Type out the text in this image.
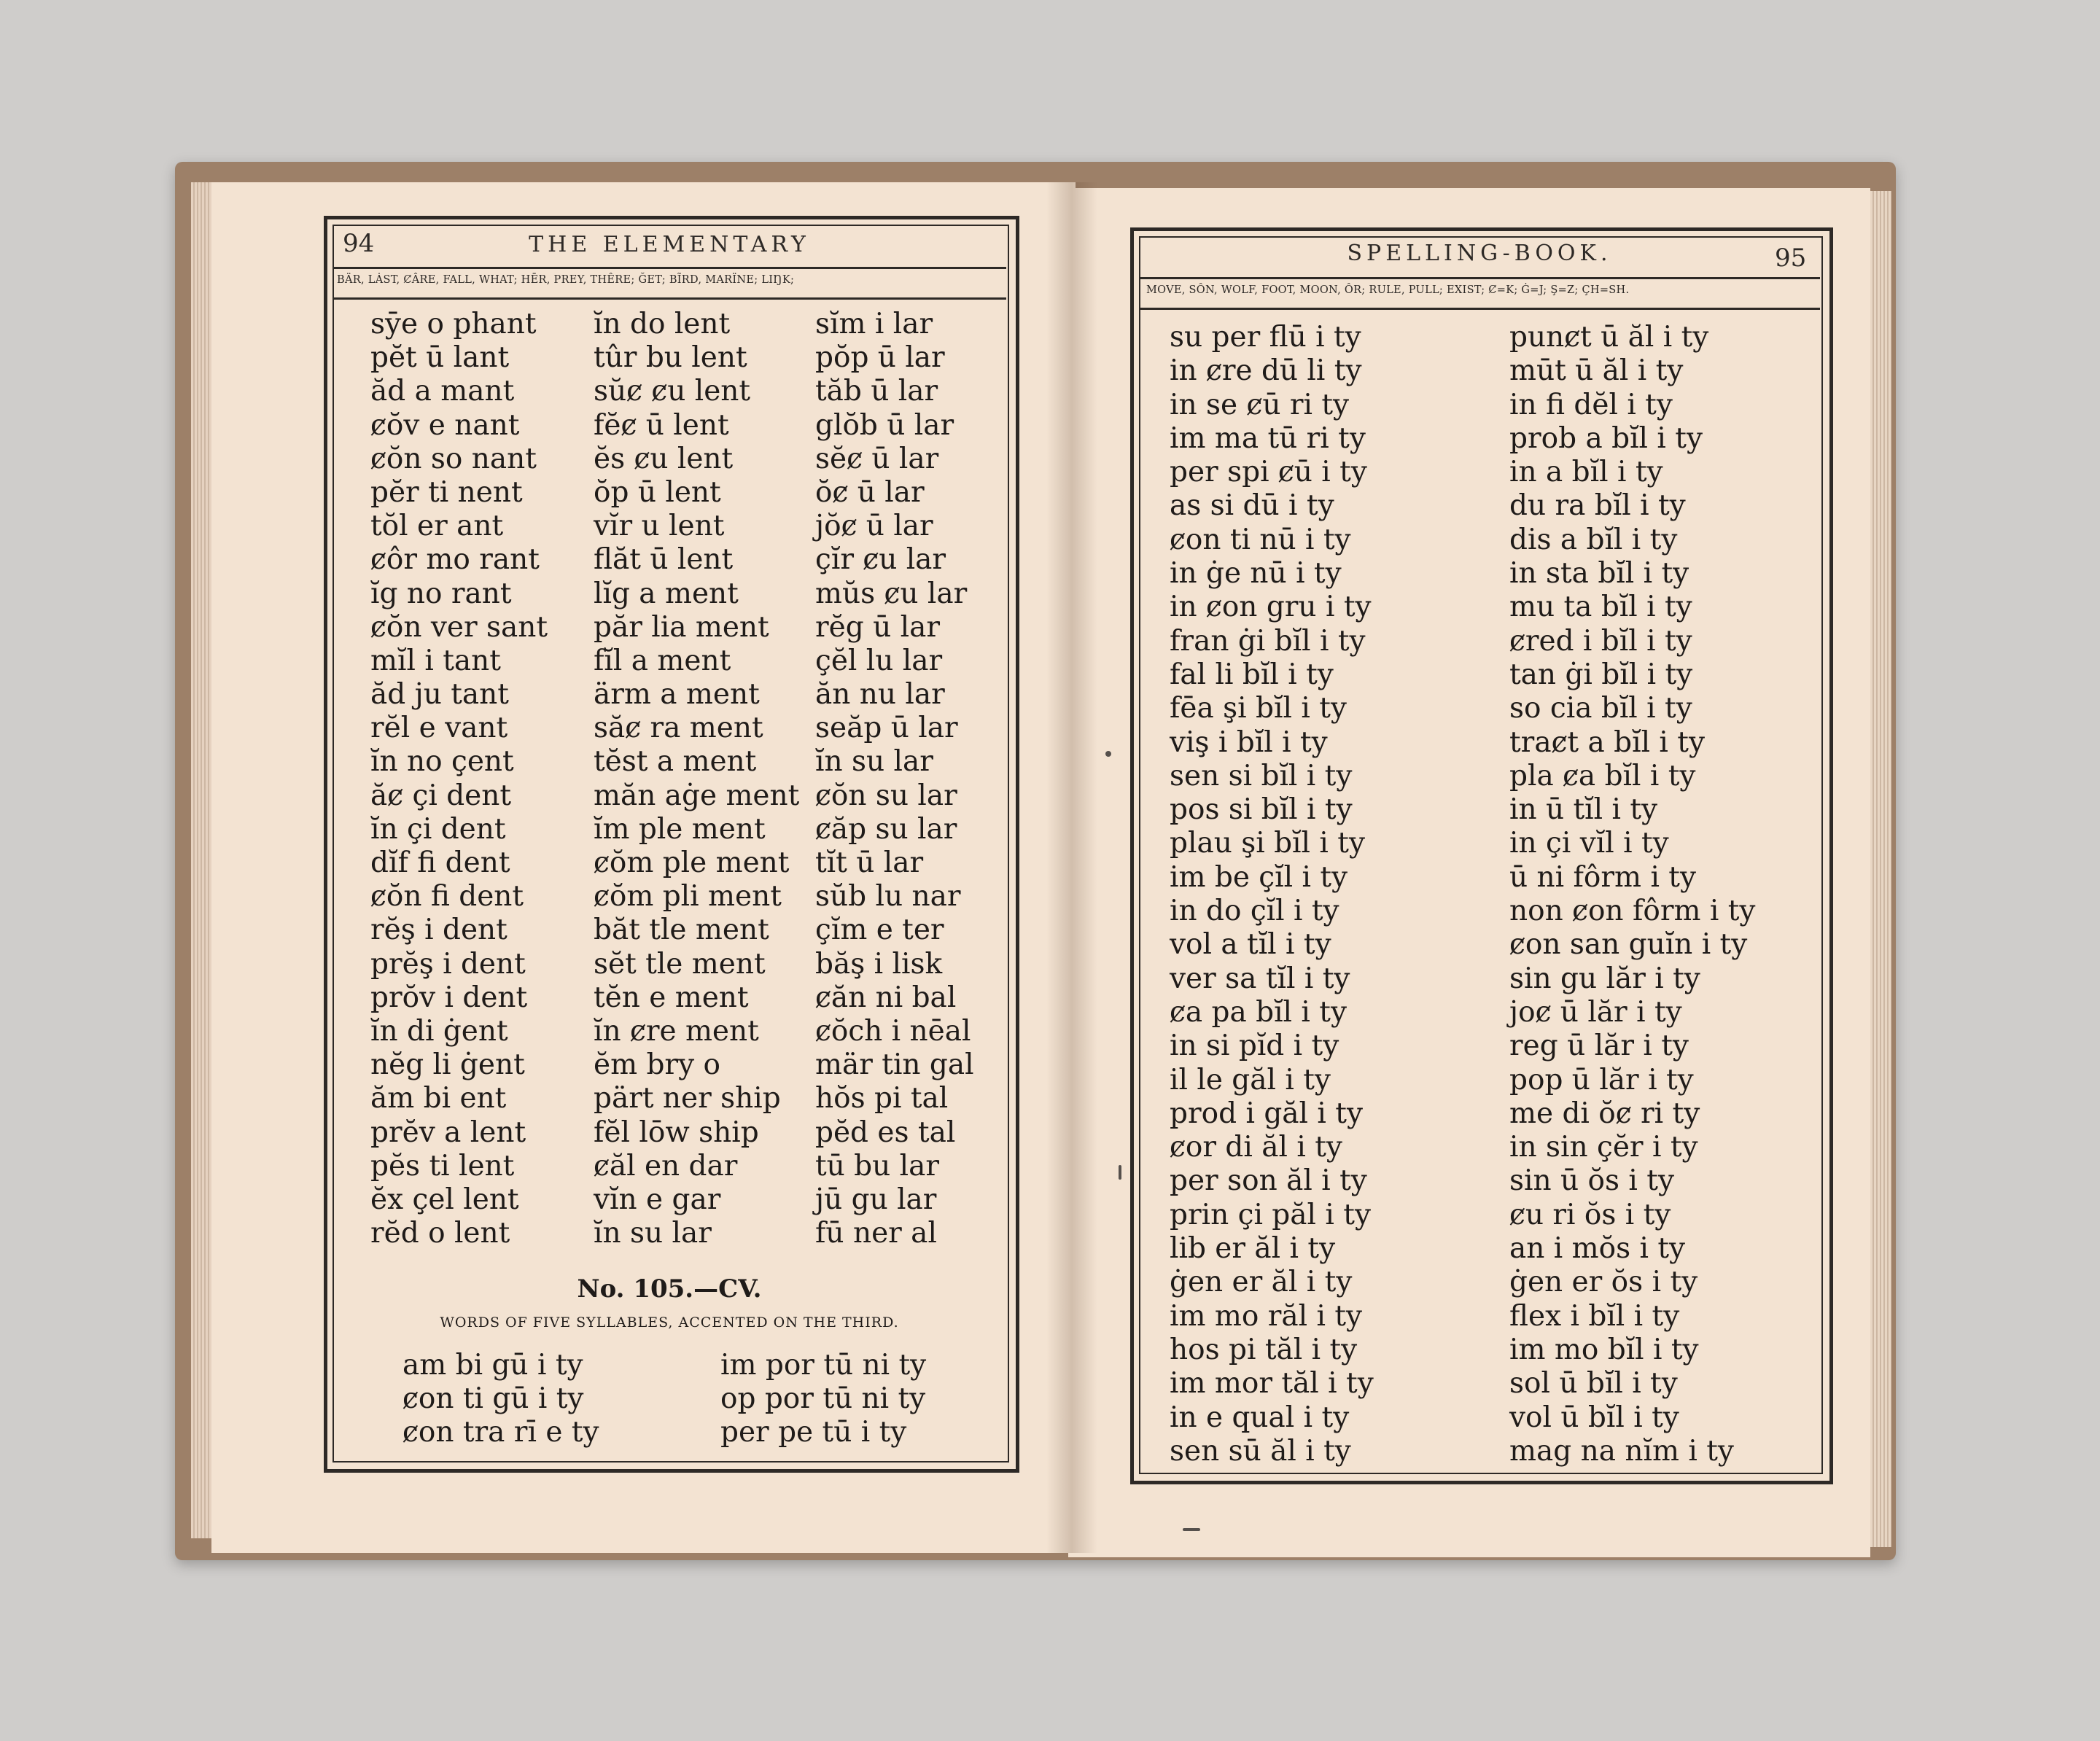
94	THE ELEMENTARY
BÄR, LȦST, ȻÂRE, FALL, WHAT; HĒR, PREY, THÊRE; ĞET; BĨRD, MARÏNE; LIŊK;
sȳe o phant
pĕt ū lant
ăd a mant
ȼŏv e nant
ȼŏn so nant
pĕr ti nent
tŏl er ant
ȼôr mo rant
ĭg no rant
ȼŏn ver sant
mĭl i tant
ăd ju tant
rĕl e vant
ĭn no çent
ăȼ çi dent
ĭn çi dent
dĭf fi dent
ȼŏn fi dent
rĕş i dent
prĕş i dent
prŏv i dent
ĭn di ġent
nĕg li ġent
ăm bi ent
prĕv a lent
pĕs ti lent
ĕx çel lent
rĕd o lent
ĭn do lent
tûr bu lent
sŭȼ ȼu lent
fĕȼ ū lent
ĕs ȼu lent
ŏp ū lent
vĭr u lent
flăt ū lent
lĭg a ment
păr lia ment
fĭl a ment
ärm a ment
săȼ ra ment
tĕst a ment
măn aġe ment
ĭm ple ment
ȼŏm ple ment
ȼŏm pli ment
băt tle ment
sĕt tle ment
tĕn e ment
ĭn ȼre ment
ĕm bry o
pärt ner ship
fĕl lōw ship
ȼăl en dar
vĭn e gar
ĭn su lar
sĭm i lar
pŏp ū lar
tăb ū lar
glŏb ū lar
sĕȼ ū lar
ŏȼ ū lar
jŏȼ ū lar
çĭr ȼu lar
mŭs ȼu lar
rĕg ū lar
çĕl lu lar
ăn nu lar
seăp ū lar
ĭn su lar
ȼŏn su lar
ȼăp su lar
tĭt ū lar
sŭb lu nar
çĭm e ter
băş i lisk
ȼăn ni bal
ȼŏch i nēal
mär tin gal
hŏs pi tal
pĕd es tal
tū bu lar
jū gu lar
fū ner al
No. 105.—CV.
WORDS OF FIVE SYLLABLES, ACCENTED ON THE THIRD.
am bi gū i ty
ȼon ti gū i ty
ȼon tra rī e ty
im por tū ni ty
op por tū ni ty
per pe tū i ty
SPELLING-BOOK.	95
MOVE, SÔN, WOLF, FOOT, MOON, ÔR; RULE, PULL; EXIST; Ȼ=K; Ġ=J; Ş=Z; ÇH=SH.
su per flū i ty
in ȼre dū li ty
in se ȼū ri ty
im ma tū ri ty
per spi ȼū i ty
as si dū i ty
ȼon ti nū i ty
in ġe nū i ty
in ȼon gru i ty
fran ġi bĭl i ty
fal li bĭl i ty
fēa şi bĭl i ty
viş i bĭl i ty
sen si bĭl i ty
pos si bĭl i ty
plau şi bĭl i ty
im be çĭl i ty
in do çĭl i ty
vol a tĭl i ty
ver sa tĭl i ty
ȼa pa bĭl i ty
in si pĭd i ty
il le găl i ty
prod i găl i ty
ȼor di ăl i ty
per son ăl i ty
prin çi păl i ty
lib er ăl i ty
ġen er ăl i ty
im mo răl i ty
hos pi tăl i ty
im mor tăl i ty
in e qual i ty
sen sū ăl i ty
punȼt ū ăl i ty
mūt ū ăl i ty
in fi dĕl i ty
prob a bĭl i ty
in a bĭl i ty
du ra bĭl i ty
dis a bĭl i ty
in sta bĭl i ty
mu ta bĭl i ty
ȼred i bĭl i ty
tan ġi bĭl i ty
so cia bĭl i ty
traȼt a bĭl i ty
pla ȼa bĭl i ty
in ū tĭl i ty
in çi vĭl i ty
ū ni fôrm i ty
non ȼon fôrm i ty
ȼon san guĭn i ty
sin gu lăr i ty
joȼ ū lăr i ty
reg ū lăr i ty
pop ū lăr i ty
me di ŏȼ ri ty
in sin çĕr i ty
sin ū ŏs i ty
ȼu ri ŏs i ty
an i mŏs i ty
ġen er ŏs i ty
flex i bĭl i ty
im mo bĭl i ty
sol ū bĭl i ty
vol ū bĭl i ty
mag na nĭm i ty
